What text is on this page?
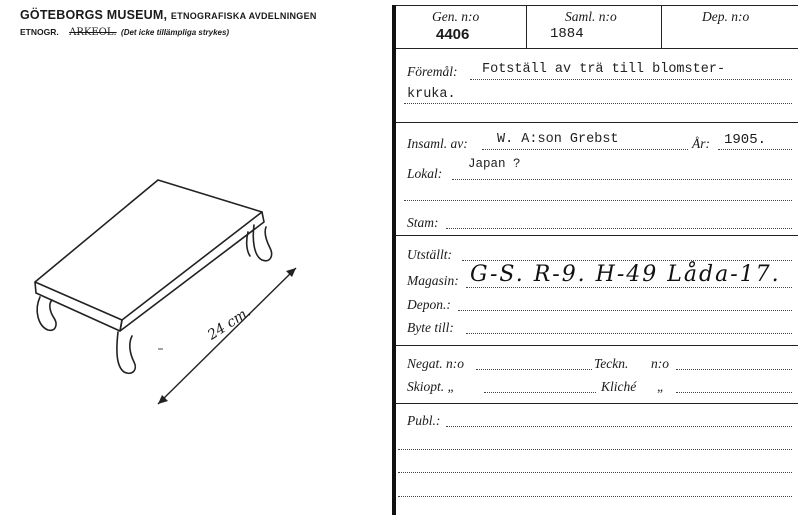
GÖTEBORGS MUSEUM, ETNOGRAFISKA AVDELNINGEN
ETNOGR. ARKEOL. (Det icke tillämpliga strykes)
24 cm.
Gen. n:o
4406
Saml. n:o
1884
Dep. n:o
Föremål: Fotställ av trä till blomster-
kruka.
Insaml. av: W. A:son Grebst	År: 1905.
Lokal:
Japan ?
Stam:
Utställt:
Magasin: G-S. R-9. H-49 Låda-17.
Depon.:
Byte till:
Negat. n:o	Teckn. n:o
Skiopt. „	Kliché „
Publ.:
